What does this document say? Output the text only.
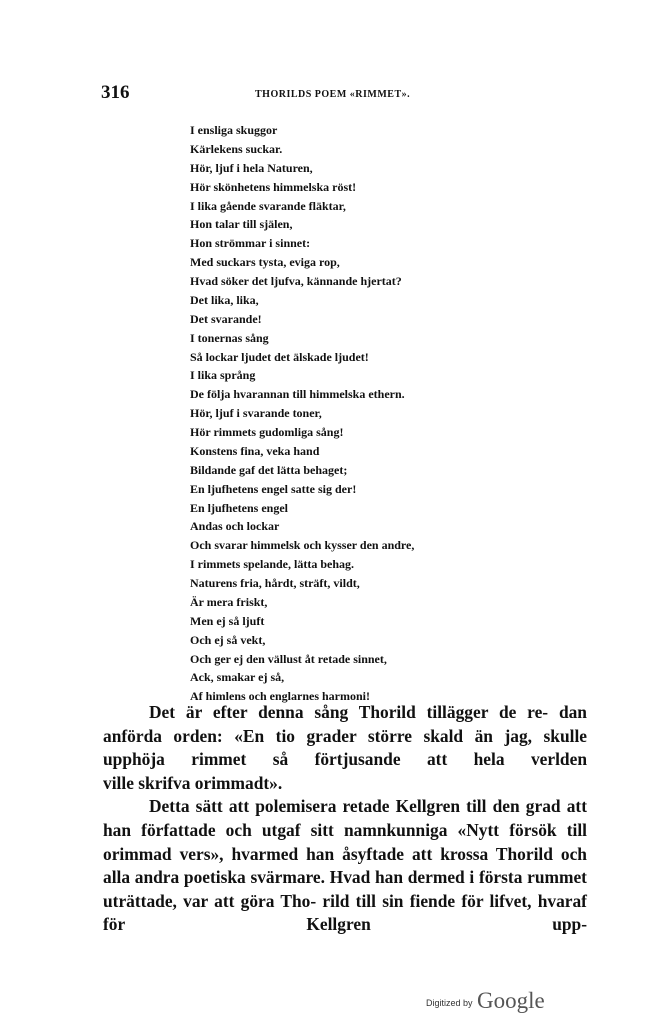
316	THORILDS POEM «RIMMET».
I ensliga skuggor
Kärlekens suckar.
Hör, ljuf i hela Naturen,
Hör skönhetens himmelska röst!
I lika gående svarande fläktar,
Hon talar till själen,
Hon strömmar i sinnet:
Med suckars tysta, eviga rop,
Hvad söker det ljufva, kännande hjertat?
Det lika, lika,
Det svarande!
I tonernas sång
Så lockar ljudet det älskade ljudet!
I lika språng
De följa hvarannan till himmelska ethern.
Hör, ljuf i svarande toner,
Hör rimmets gudomliga sång!
Konstens fina, veka hand
Bildande gaf det lätta behaget;
En ljufhetens engel satte sig der!
En ljufhetens engel
Andas och lockar
Och svarar himmelsk och kysser den andre,
I rimmets spelande, lätta behag.
Naturens fria, hårdt, sträft, vildt,
Är mera friskt,
Men ej så ljuft
Och ej så vekt,
Och ger ej den vällust åt retade sinnet,
Ack, smakar ej så,
Af himlens och englarnes harmoni!

Det är efter denna sång Thorild tillägger de re- dan anförda orden: «En tio grader större skald än jag, skulle upphöja rimmet så förtjusande att hela verlden

ville skrifva orimmadt».

Detta sätt att polemisera retade Kellgren till den grad att han författade och utgaf sitt namnkunniga «Nytt försök till orimmad vers», hvarmed han åsyftade att krossa Thorild och alla andra poetiska svärmare. Hvad han dermed i första rummet uträttade, var att göra Tho- rild till sin fiende för lifvet, hvaraf för Kellgren upp-

Digitized by Google
